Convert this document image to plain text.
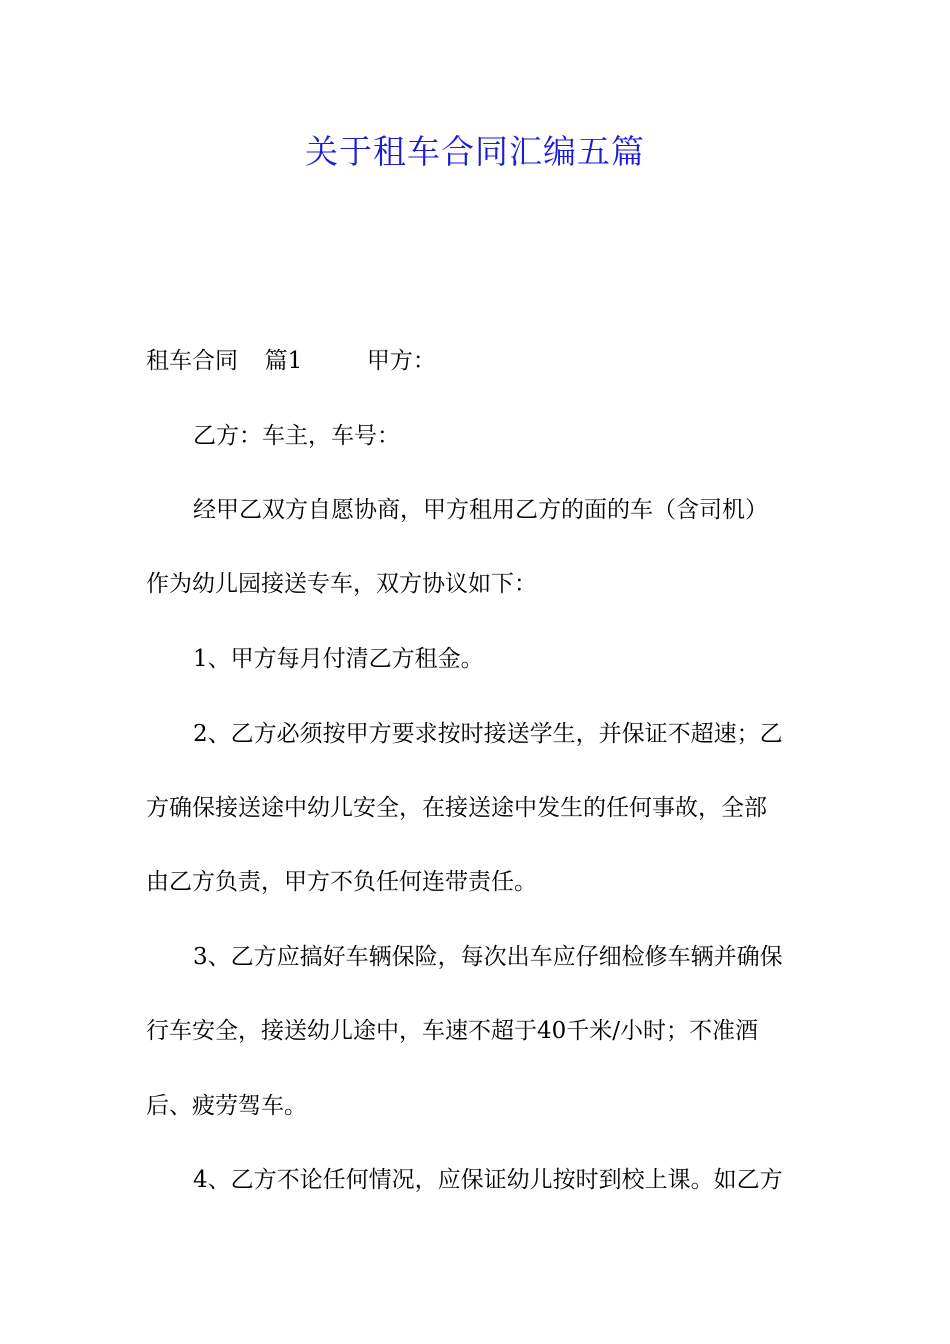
关于租车合同汇编五篇
租车合同 篇1	甲方：
乙方：车主，车号：
经甲乙双方自愿协商，甲方租用乙方的面的车（含司机）
作为幼儿园接送专车，双方协议如下：
1、甲方每月付清乙方租金。
2、乙方必须按甲方要求按时接送学生，并保证不超速；乙
方确保接送途中幼儿安全，在接送途中发生的任何事故，全部
由乙方负责，甲方不负任何连带责任。
3、乙方应搞好车辆保险，每次出车应仔细检修车辆并确保
行车安全，接送幼儿途中，车速不超于40千米/小时；不准酒
后、疲劳驾车。
4、乙方不论任何情况，应保证幼儿按时到校上课。如乙方
